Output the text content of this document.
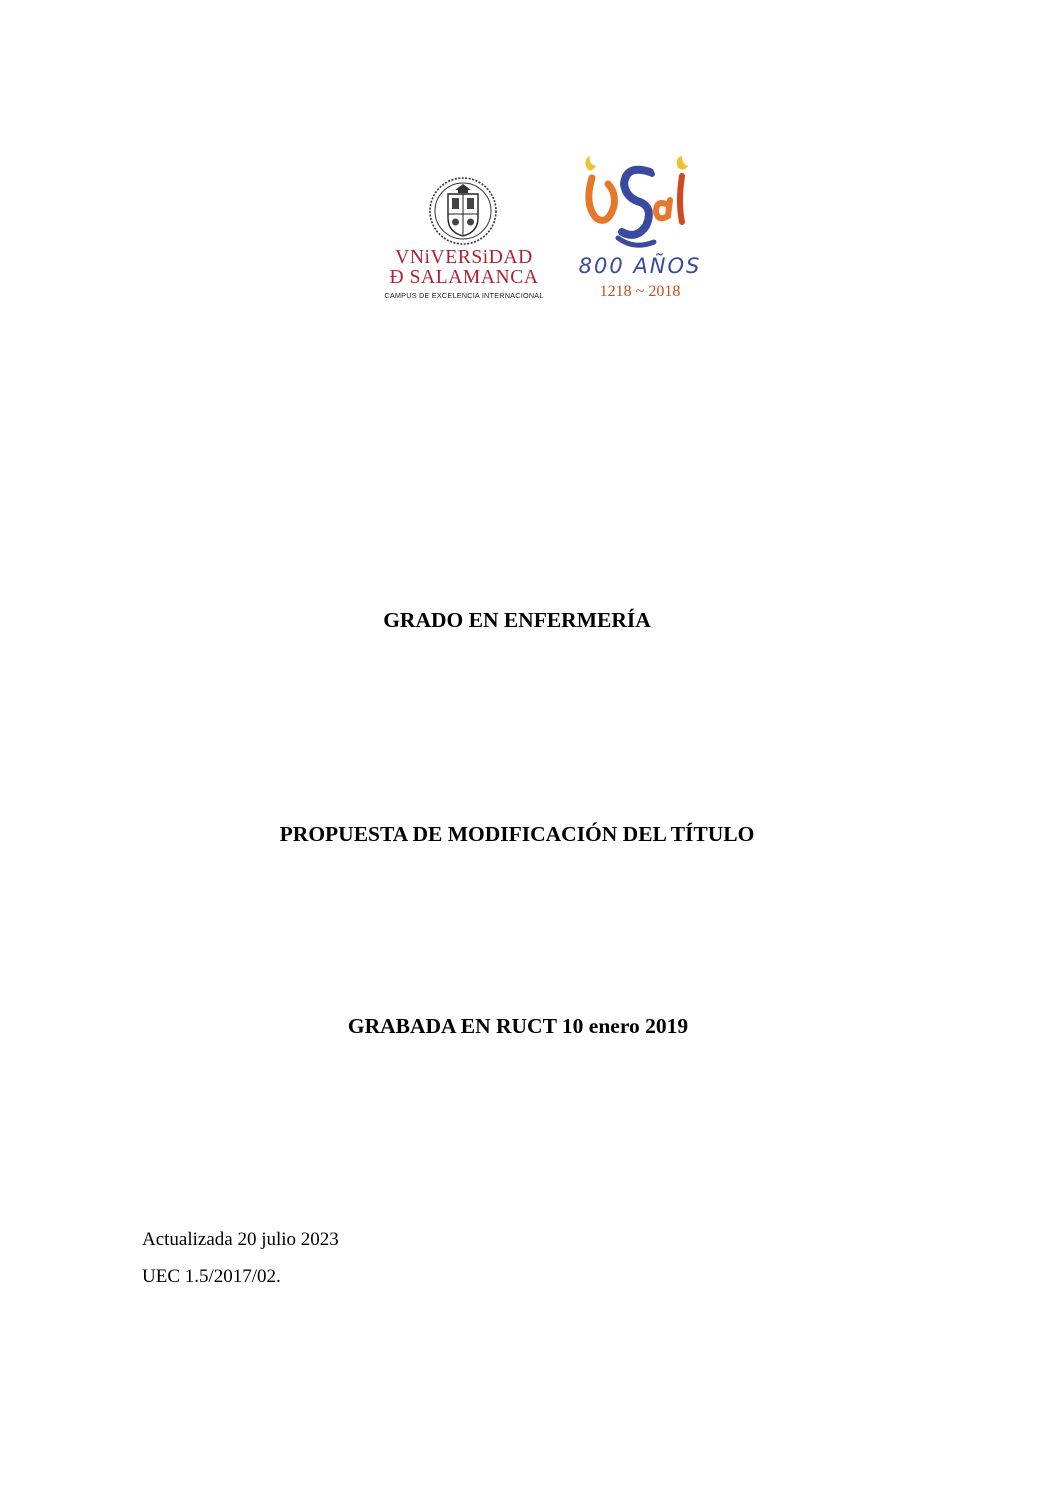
VNiVERSiDAD
Ð SALAMANCA
CAMPUS DE EXCELENCIA INTERNACIONAL
800 AÑOS
1218 ~ 2018
GRADO EN ENFERMERÍA
PROPUESTA DE MODIFICACIÓN DEL TÍTULO
GRABADA EN RUCT 10 enero 2019
Actualizada 20 julio 2023
UEC 1.5/2017/02.
